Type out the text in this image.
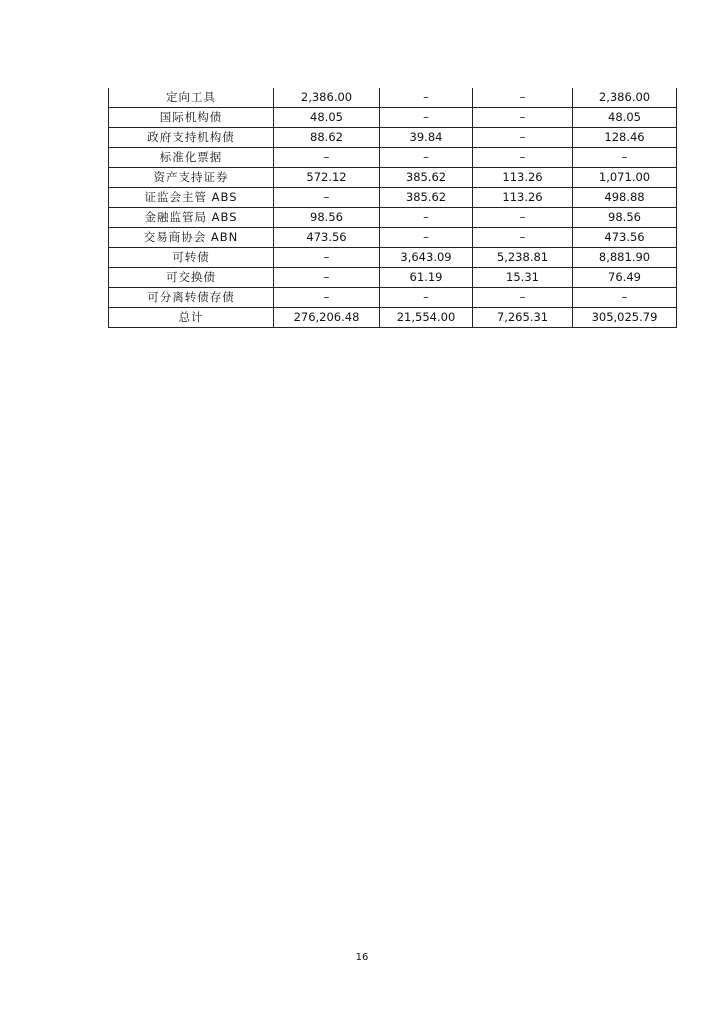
定向工具	2,386.00	–	–	2,386.00
国际机构债	48.05	–	–	48.05
政府支持机构债	88.62	39.84	–	128.46
标准化票据	–	–	–	–
资产支持证券	572.12	385.62	113.26	1,071.00
证监会主管 ABS	–	385.62	113.26	498.88
金融监管局 ABS	98.56	–	–	98.56
交易商协会 ABN	473.56	–	–	473.56
可转债	–	3,643.09	5,238.81	8,881.90
可交换债	–	61.19	15.31	76.49
可分离转债存债	–	–	–	–
总计	276,206.48	21,554.00	7,265.31	305,025.79
16
